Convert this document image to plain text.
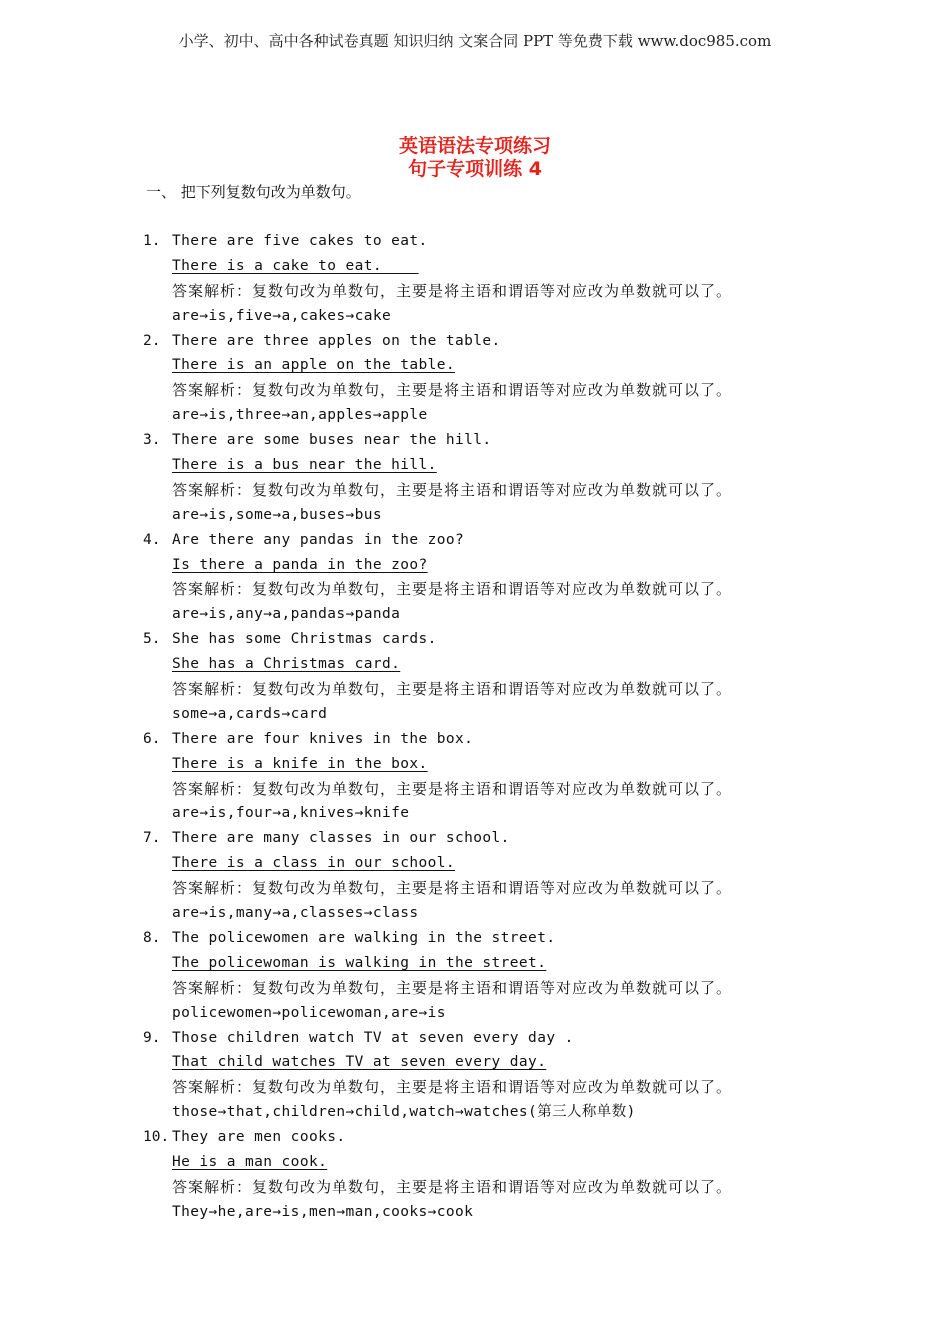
小学、初中、高中各种试卷真题 知识归纳 文案合同 PPT 等免费下载 www.doc985.com
英语语法专项练习
句子专项训练 4
一、 把下列复数句改为单数句。
1. There are five cakes to eat.
There is a cake to eat.
答案解析：复数句改为单数句，主要是将主语和谓语等对应改为单数就可以了。
are→is,five→a,cakes→cake
2. There are three apples on the table.
There is an apple on the table.
答案解析：复数句改为单数句，主要是将主语和谓语等对应改为单数就可以了。
are→is,three→an,apples→apple
3. There are some buses near the hill.
There is a bus near the hill.
答案解析：复数句改为单数句，主要是将主语和谓语等对应改为单数就可以了。
are→is,some→a,buses→bus
4. Are there any pandas in the zoo?
Is there a panda in the zoo?
答案解析：复数句改为单数句，主要是将主语和谓语等对应改为单数就可以了。
are→is,any→a,pandas→panda
5. She has some Christmas cards.
She has a Christmas card.
答案解析：复数句改为单数句，主要是将主语和谓语等对应改为单数就可以了。
some→a,cards→card
6. There are four knives in the box.
There is a knife in the box.
答案解析：复数句改为单数句，主要是将主语和谓语等对应改为单数就可以了。
are→is,four→a,knives→knife
7. There are many classes in our school.
There is a class in our school.
答案解析：复数句改为单数句，主要是将主语和谓语等对应改为单数就可以了。
are→is,many→a,classes→class
8. The policewomen are walking in the street.
The policewoman is walking in the street.
答案解析：复数句改为单数句，主要是将主语和谓语等对应改为单数就可以了。
policewomen→policewoman,are→is
9. Those children watch TV at seven every day .
That child watches TV at seven every day.
答案解析：复数句改为单数句，主要是将主语和谓语等对应改为单数就可以了。
those→that,children→child,watch→watches(第三人称单数)
10. They are men cooks.
He is a man cook.
答案解析：复数句改为单数句，主要是将主语和谓语等对应改为单数就可以了。
They→he,are→is,men→man,cooks→cook
